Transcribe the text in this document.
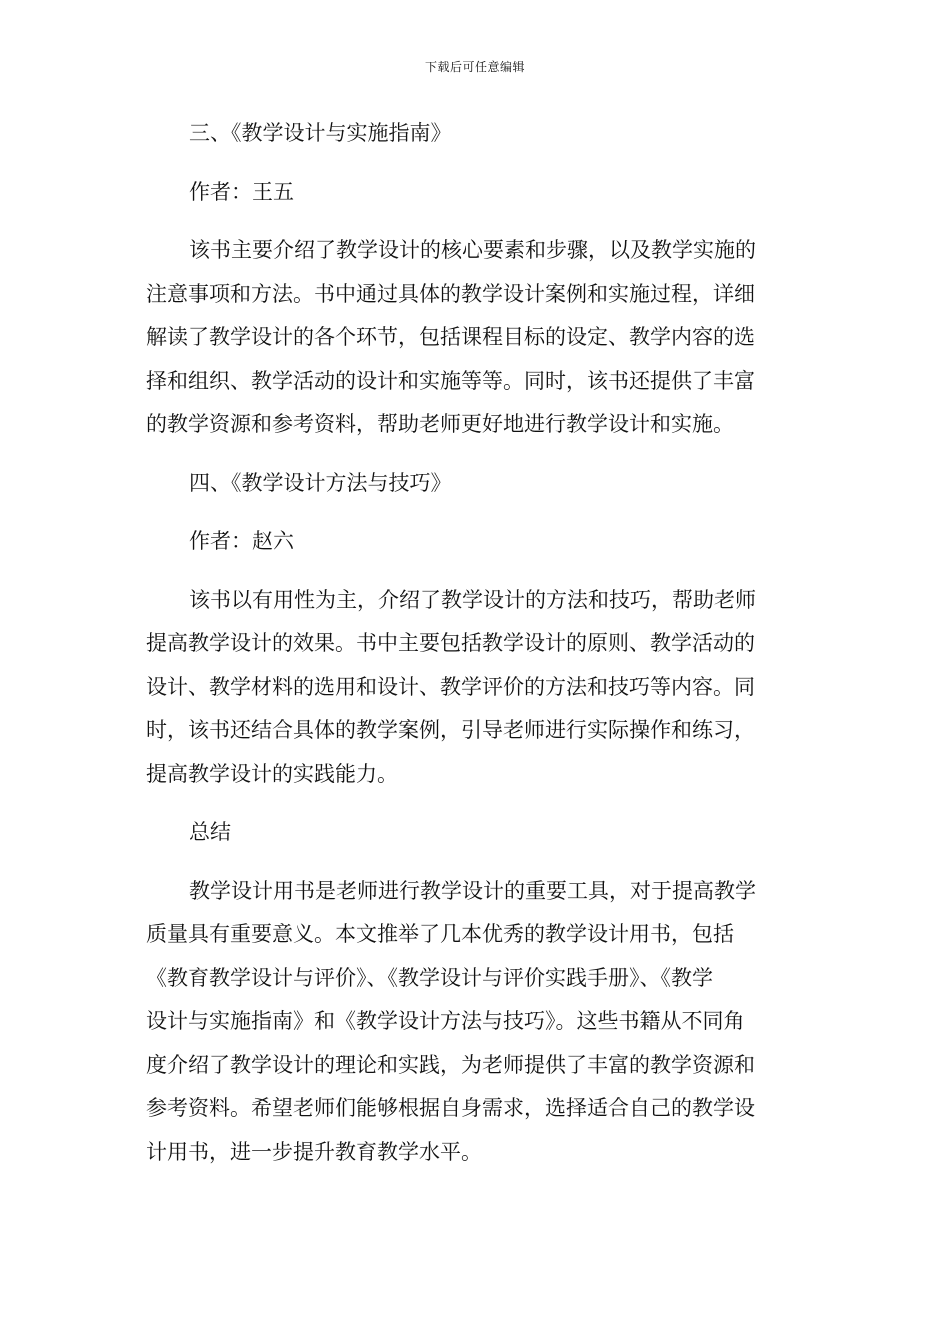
下载后可任意编辑

三、《教学设计与实施指南》

作者：王五

该书主要介绍了教学设计的核心要素和步骤，以及教学实施的

注意事项和方法。书中通过具体的教学设计案例和实施过程，详细

解读了教学设计的各个环节，包括课程目标的设定、教学内容的选

择和组织、教学活动的设计和实施等等。同时，该书还提供了丰富

的教学资源和参考资料，帮助老师更好地进行教学设计和实施。

四、《教学设计方法与技巧》

作者：赵六

该书以有用性为主，介绍了教学设计的方法和技巧，帮助老师

提高教学设计的效果。书中主要包括教学设计的原则、教学活动的

设计、教学材料的选用和设计、教学评价的方法和技巧等内容。同

时，该书还结合具体的教学案例，引导老师进行实际操作和练习，

提高教学设计的实践能力。

总结

教学设计用书是老师进行教学设计的重要工具，对于提高教学

质量具有重要意义。本文推举了几本优秀的教学设计用书，包括

《教育教学设计与评价》、《教学设计与评价实践手册》、《教学

设计与实施指南》和《教学设计方法与技巧》。这些书籍从不同角

度介绍了教学设计的理论和实践，为老师提供了丰富的教学资源和

参考资料。希望老师们能够根据自身需求，选择适合自己的教学设

计用书，进一步提升教育教学水平。
